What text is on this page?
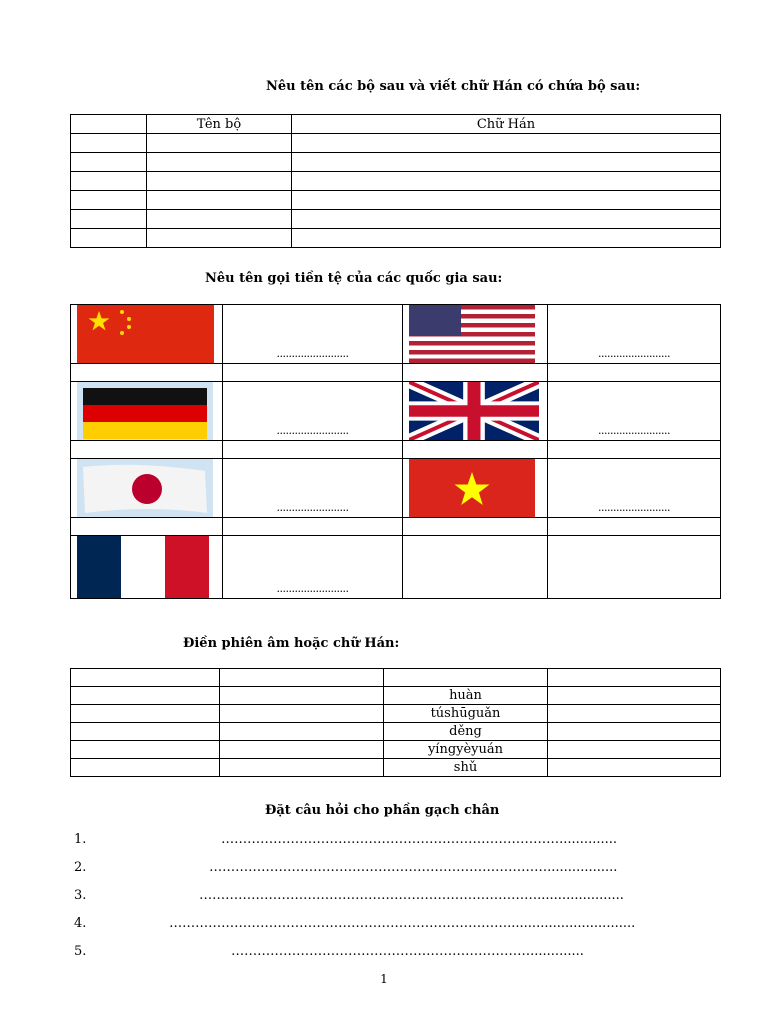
Nêu tên các bộ sau và viết chữ Hán có chứa bộ sau:
	Tên bộ	Chữ Hán

Nêu tên gọi tiền tệ của các quốc gia sau:

........................		........................

........................		........................

........................		........................

........................		

Điền phiên âm hoặc chữ Hán:

		huàn	
		túshūguǎn	
		děng	
		yíngyèyuán	
		shǔ	
Đặt câu hỏi cho phần gạch chân
1.	……………………………………………………………………..............
2.	…………………………………………………………………….................
3.	…………………………………………………………………….....................
4.	……………………………………………………………………...............................
5.	…………………………………………………………….............
1
